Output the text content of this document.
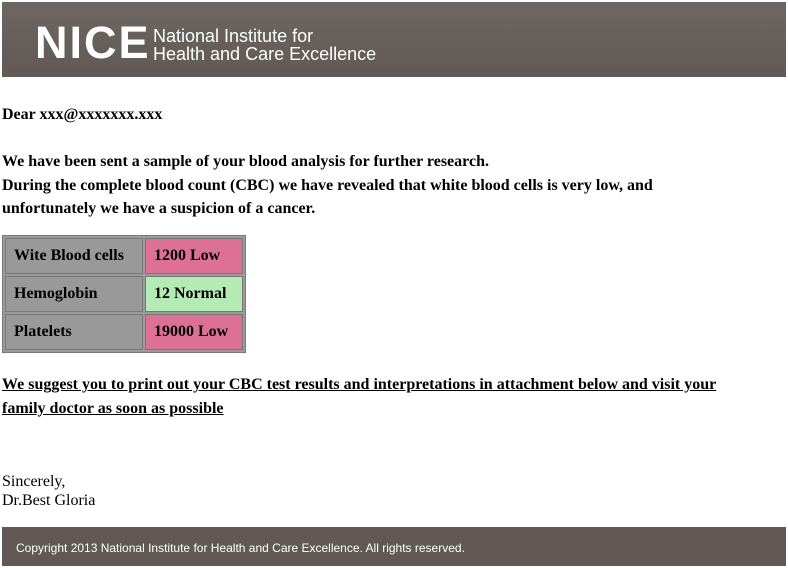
NICE National Institute for
Health and Care Excellence
Dear xxx@xxxxxxx.xxx
We have been sent a sample of your blood analysis for further research.
During the complete blood count (CBC) we have revealed that white blood cells is very low, and
unfortunately we have a suspicion of a cancer.
Wite Blood cells	1200 Low
Hemoglobin	12 Normal
Platelets	19000 Low
We suggest you to print out your CBC test results and interpretations in attachment below and visit your
family doctor as soon as possible
Sincerely,
Dr.Best Gloria
Copyright 2013 National Institute for Health and Care Excellence. All rights reserved.
